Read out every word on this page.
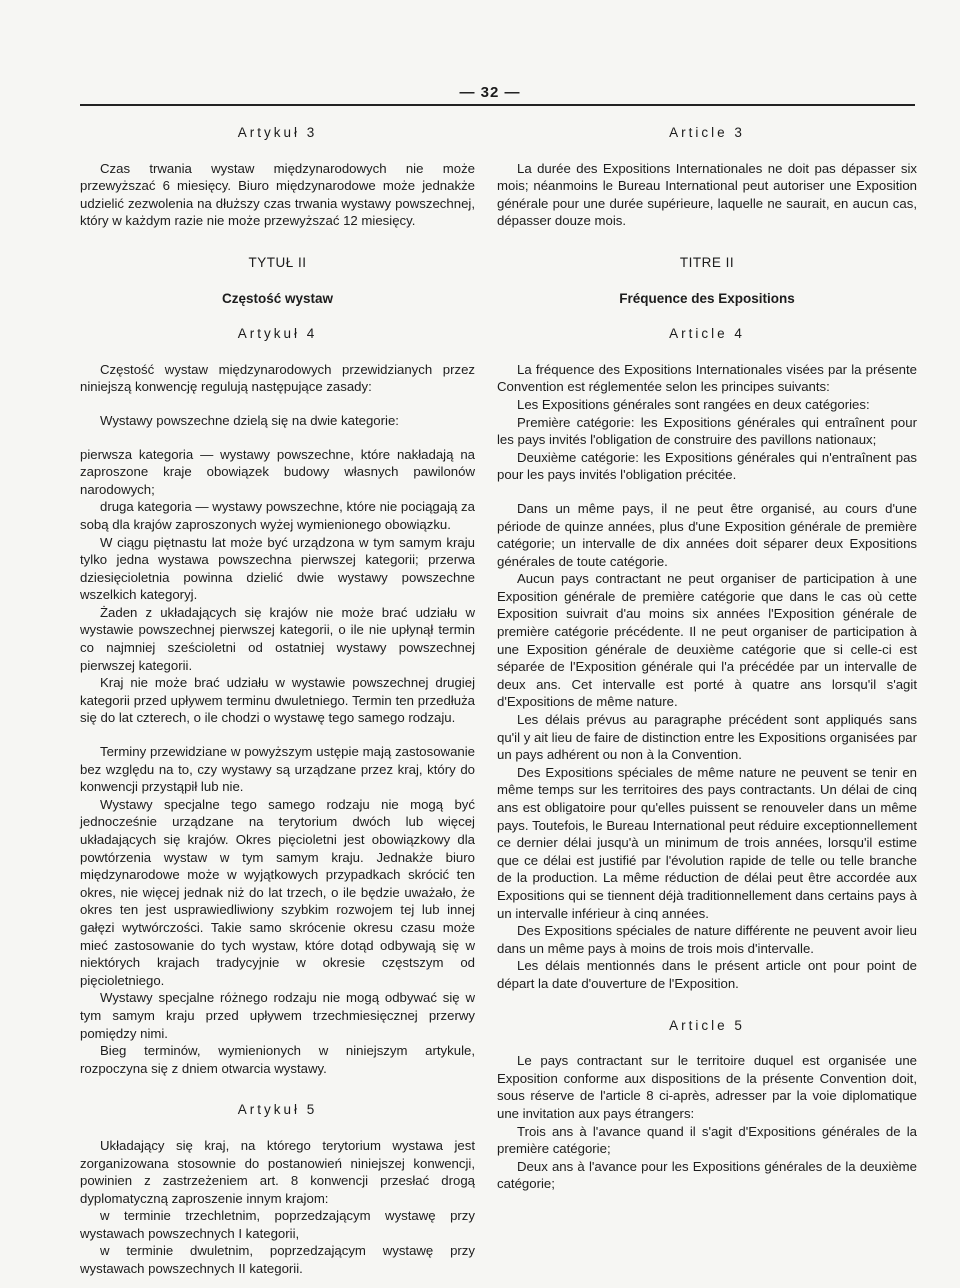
— 32 —
Artykuł 3

Czas trwania wystaw międzynarodowych nie może przewyższać 6 miesięcy. Biuro międzynarodowe może jednakże udzielić zezwolenia na dłuższy czas trwania wystawy powszechnej, który w każdym razie nie może przewyższać 12 miesięcy.

TYTUŁ II
Częstość wystaw
Artykuł 4

Częstość wystaw międzynarodowych przewidzianych przez niniejszą konwencję regulują następujące zasady:

Wystawy powszechne dzielą się na dwie kategorie:

pierwsza kategoria — wystawy powszechne, które nakładają na zaproszone kraje obowiązek budowy własnych pawilonów narodowych;

druga kategoria — wystawy powszechne, które nie pociągają za sobą dla krajów zaproszonych wyżej wymienionego obowiązku.

W ciągu piętnastu lat może być urządzona w tym samym kraju tylko jedna wystawa powszechna pierwszej kategorii; przerwa dziesięcioletnia powinna dzielić dwie wystawy powszechne wszelkich kategoryj.

Żaden z układających się krajów nie może brać udziału w wystawie powszechnej pierwszej kategorii, o ile nie upłynął termin co najmniej sześcioletni od ostatniej wystawy powszechnej pierwszej kategorii.

Kraj nie może brać udziału w wystawie powszechnej drugiej kategorii przed upływem terminu dwuletniego. Termin ten przedłuża się do lat czterech, o ile chodzi o wystawę tego samego rodzaju.

Terminy przewidziane w powyższym ustępie mają zastosowanie bez względu na to, czy wystawy są urządzane przez kraj, który do konwencji przystąpił lub nie.

Wystawy specjalne tego samego rodzaju nie mogą być jednocześnie urządzane na terytorium dwóch lub więcej układających się krajów. Okres pięcioletni jest obowiązkowy dla powtórzenia wystaw w tym samym kraju. Jednakże biuro międzynarodowe może w wyjątkowych przypadkach skrócić ten okres, nie więcej jednak niż do lat trzech, o ile będzie uważało, że okres ten jest usprawiedliwiony szybkim rozwojem tej lub innej gałęzi wytwórczości. Takie samo skrócenie okresu czasu może mieć zastosowanie do tych wystaw, które dotąd odbywają się w niektórych krajach tradycyjnie w okresie częstszym od pięcioletniego.

Wystawy specjalne różnego rodzaju nie mogą odbywać się w tym samym kraju przed upływem trzechmiesięcznej przerwy pomiędzy nimi.

Bieg terminów, wymienionych w niniejszym artykule, rozpoczyna się z dniem otwarcia wystawy.

Artykuł 5

Układający się kraj, na którego terytorium wystawa jest zorganizowana stosownie do postanowień niniejszej konwencji, powinien z zastrzeżeniem art. 8 konwencji przesłać drogą dyplomatyczną zaproszenie innym krajom:

w terminie trzechletnim, poprzedzającym wystawę przy wystawach powszechnych I kategorii,

w terminie dwuletnim, poprzedzającym wystawę przy wystawach powszechnych II kategorii.

Article 3

La durée des Expositions Internationales ne doit pas dépasser six mois; néanmoins le Bureau International peut autoriser une Exposition générale pour une durée supérieure, laquelle ne saurait, en aucun cas, dépasser douze mois.

TITRE II
Fréquence des Expositions
Article 4

La fréquence des Expositions Internationales visées par la présente Convention est réglementée selon les principes suivants:

Les Expositions générales sont rangées en deux catégories:

Première catégorie: les Expositions générales qui entraînent pour les pays invités l'obligation de construire des pavillons nationaux;

Deuxième catégorie: les Expositions générales qui n'entraînent pas pour les pays invités l'obligation précitée.

Dans un même pays, il ne peut être organisé, au cours d'une période de quinze années, plus d'une Exposition générale de première catégorie; un intervalle de dix années doit séparer deux Expositions générales de toute catégorie.

Aucun pays contractant ne peut organiser de participation à une Exposition générale de première catégorie que dans le cas où cette Exposition suivrait d'au moins six années l'Exposition générale de première catégorie précédente. Il ne peut organiser de participation à une Exposition générale de deuxième catégorie que si celle-ci est séparée de l'Exposition générale qui l'a précédée par un intervalle de deux ans. Cet intervalle est porté à quatre ans lorsqu'il s'agit d'Expositions de même nature.

Les délais prévus au paragraphe précédent sont appliqués sans qu'il y ait lieu de faire de distinction entre les Expositions organisées par un pays adhérent ou non à la Convention.

Des Expositions spéciales de même nature ne peuvent se tenir en même temps sur les territoires des pays contractants. Un délai de cinq ans est obligatoire pour qu'elles puissent se renouveler dans un même pays. Toutefois, le Bureau International peut réduire exceptionnellement ce dernier délai jusqu'à un minimum de trois années, lorsqu'il estime que ce délai est justifié par l'évolution rapide de telle ou telle branche de la production. La même réduction de délai peut être accordée aux Expositions qui se tiennent déjà traditionnellement dans certains pays à un intervalle inférieur à cinq années.

Des Expositions spéciales de nature différente ne peuvent avoir lieu dans un même pays à moins de trois mois d'intervalle.

Les délais mentionnés dans le présent article ont pour point de départ la date d'ouverture de l'Exposition.

Article 5

Le pays contractant sur le territoire duquel est organisée une Exposition conforme aux dispositions de la présente Convention doit, sous réserve de l'article 8 ci-après, adresser par la voie diplomatique une invitation aux pays étrangers:

Trois ans à l'avance quand il s'agit d'Expositions générales de la première catégorie;

Deux ans à l'avance pour les Expositions générales de la deuxième catégorie;
